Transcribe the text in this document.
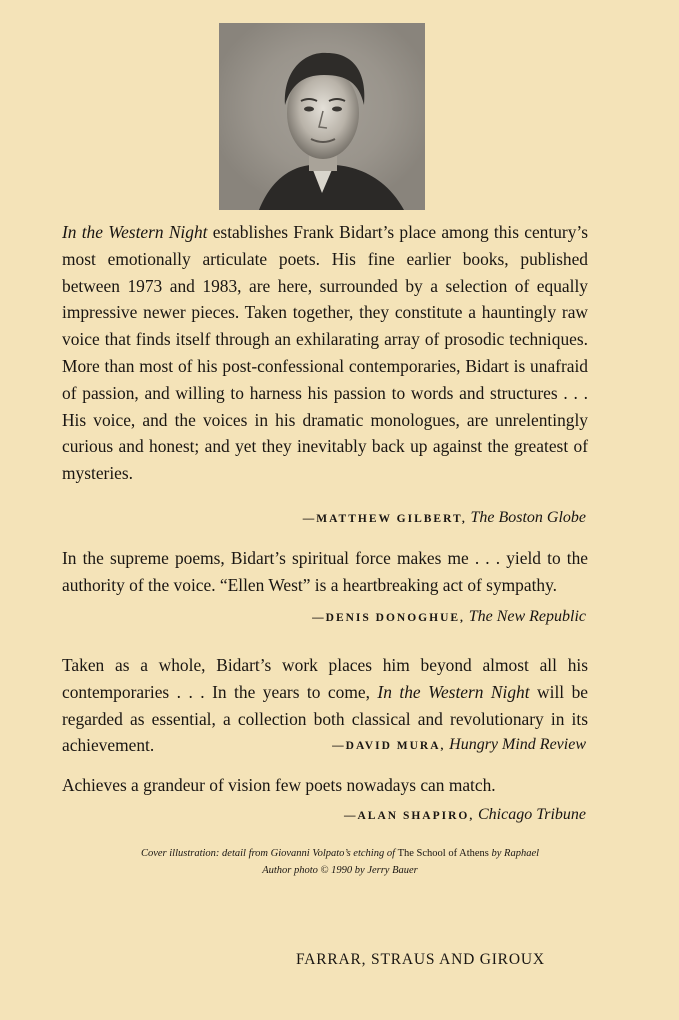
In the Western Night establishes Frank Bidart’s place among this century’s most emotionally articulate poets. His fine earlier books, published between 1973 and 1983, are here, surrounded by a selection of equally impressive newer pieces. Taken together, they constitute a hauntingly raw voice that finds itself through an exhilarating array of prosodic techniques. More than most of his post-confessional contemporaries, Bidart is unafraid of passion, and willing to harness his passion to words and structures . . . His voice, and the voices in his dramatic monologues, are unrelentingly curious and honest; and yet they inevitably back up against the greatest of mysteries.

—MATTHEW GILBERT, The Boston Globe

In the supreme poems, Bidart’s spiritual force makes me . . . yield to the authority of the voice. “Ellen West” is a heartbreaking act of sympathy.

—DENIS DONOGHUE, The New Republic

Taken as a whole, Bidart’s work places him beyond almost all his contemporaries . . . In the years to come, In the Western Night will be regarded as essential, a collection both classical and revolutionary in its achievement.	—DAVID MURA, Hungry Mind Review

Achieves a grandeur of vision few poets nowadays can match.

—ALAN SHAPIRO, Chicago Tribune
Cover illustration: detail from Giovanni Volpato’s etching of The School of Athens by Raphael
Author photo © 1990 by Jerry Bauer
FARRAR, STRAUS AND GIROUX
